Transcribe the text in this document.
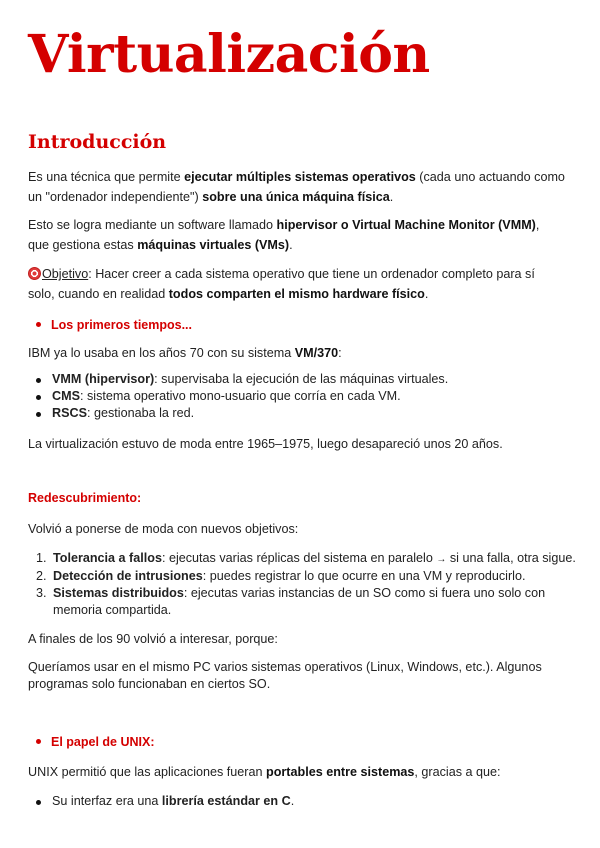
Virtualización
Introducción

Es una técnica que permite ejecutar múltiples sistemas operativos (cada uno actuando como
un "ordenador independiente") sobre una única máquina física.

Esto se logra mediante un software llamado hipervisor o Virtual Machine Monitor (VMM),
que gestiona estas máquinas virtuales (VMs).

Objetivo: Hacer creer a cada sistema operativo que tiene un ordenador completo para sí
solo, cuando en realidad todos comparten el mismo hardware físico.

Los primeros tiempos...

IBM ya lo usaba en los años 70 con su sistema VM/370:

VMM (hipervisor): supervisaba la ejecución de las máquinas virtuales.
CMS: sistema operativo mono-usuario que corría en cada VM.
RSCS: gestionaba la red.

La virtualización estuvo de moda entre 1965–1975, luego desapareció unos 20 años.

Redescubrimiento:

Volvió a ponerse de moda con nuevos objetivos:

1. Tolerancia a fallos: ejecutas varias réplicas del sistema en paralelo → si una falla, otra sigue.
2. Detección de intrusiones: puedes registrar lo que ocurre en una VM y reproducirlo.
3. Sistemas distribuidos: ejecutas varias instancias de un SO como si fuera uno solo con
memoria compartida.

A finales de los 90 volvió a interesar, porque:

Queríamos usar en el mismo PC varios sistemas operativos (Linux, Windows, etc.). Algunos
programas solo funcionaban en ciertos SO.

El papel de UNIX:

UNIX permitió que las aplicaciones fueran portables entre sistemas, gracias a que:

Su interfaz era una librería estándar en C.
